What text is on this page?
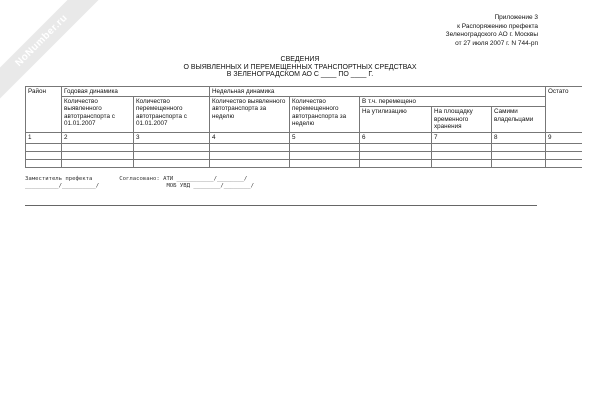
NoNumber.ru	Приложение 3
к Распоряжению префекта
Зеленоградского АО г. Москвы
от 27 июля 2007 г. N 744-рп
СВЕДЕНИЯ
О ВЫЯВЛЕННЫХ И ПЕРЕМЕЩЕННЫХ ТРАНСПОРТНЫХ СРЕДСТВАХ
В ЗЕЛЕНОГРАДСКОМ АО С ____ ПО ____ Г.
Район	Годовая динамика		Недельная динамика					Остато
	Количество выявленного автотранспорта с 01.01.2007	Количество перемещенного автотранспорта с 01.01.2007	Количество выявленного автотранспорта за неделю	Количество перемещенного автотранспорта за неделю	В т.ч. перемещено			
					На утилизацию	На площадку временного хранения	Самими владельцами	
1	2	3	4	5	6	7	8	9

Заместитель префекта        Согласовано: АТИ ___________/________/
__________/__________/                    МОБ УВД ________/________/
